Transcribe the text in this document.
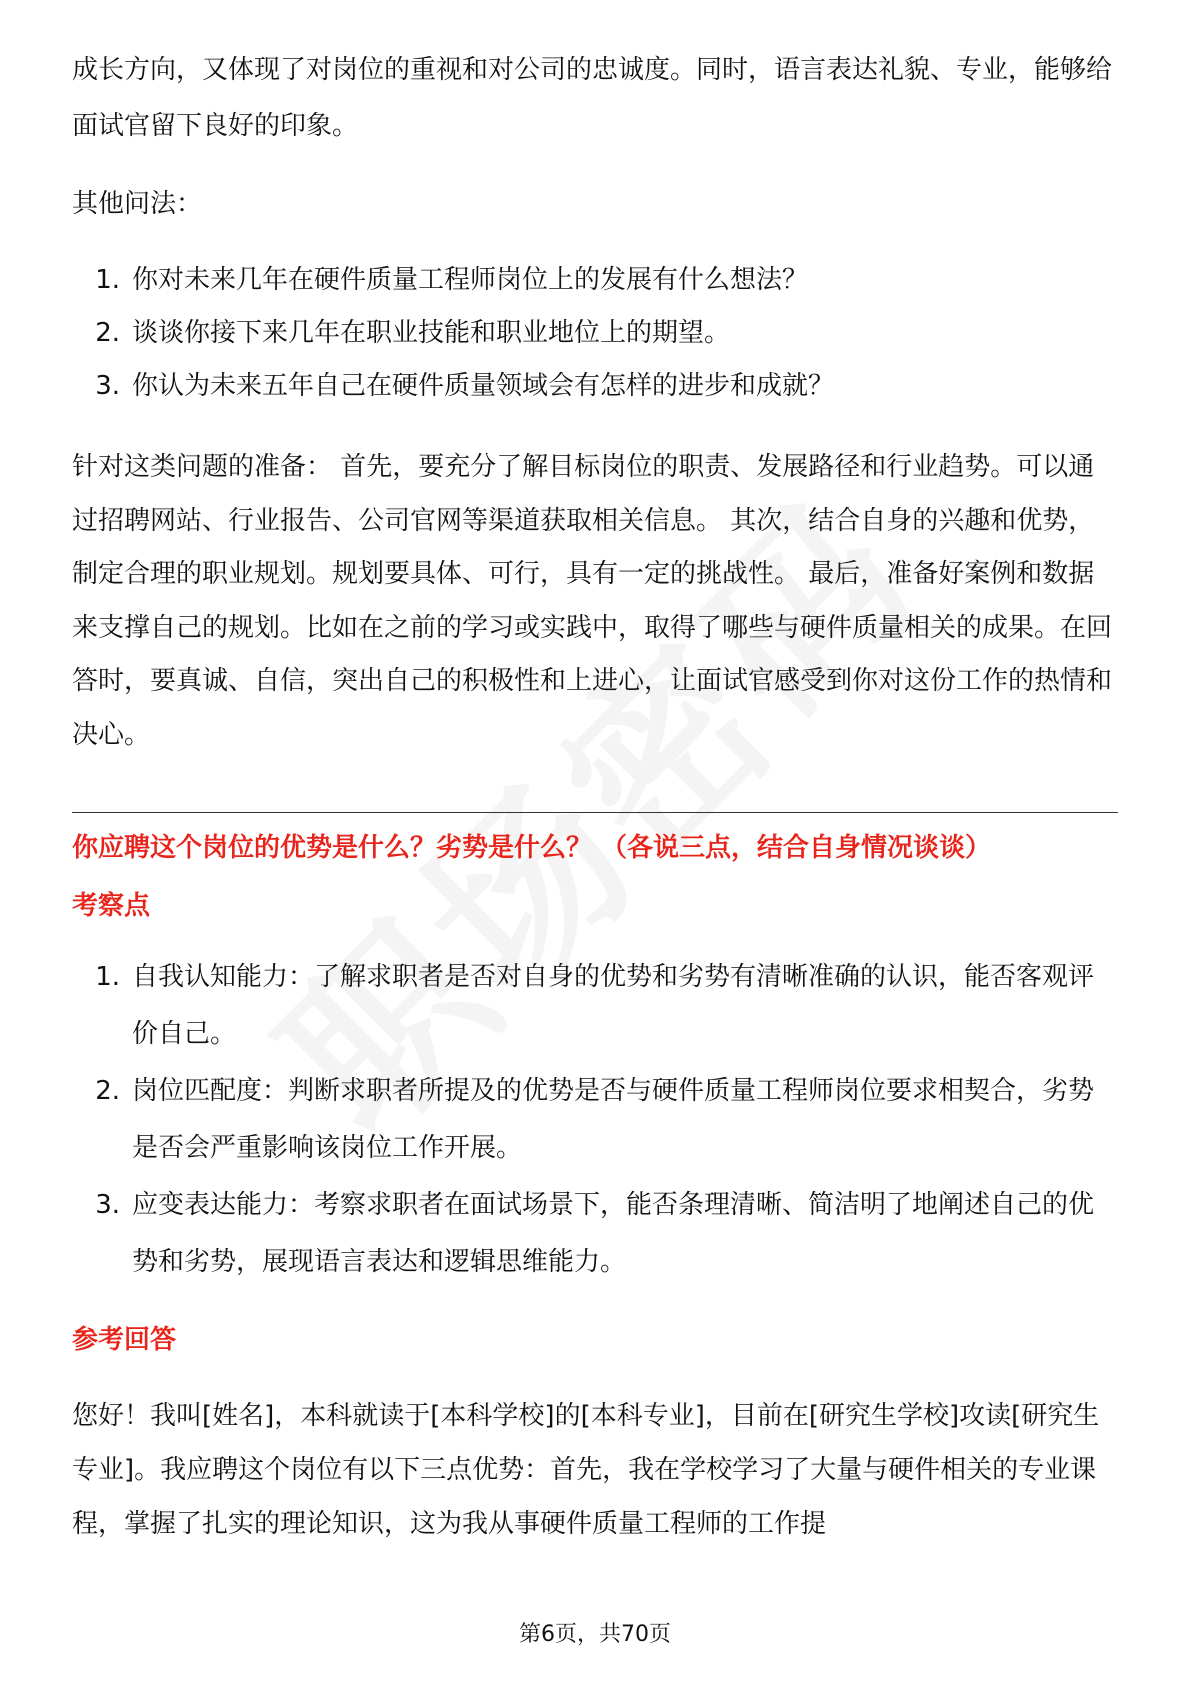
成长方向，又体现了对岗位的重视和对公司的忠诚度。同时，语言表达礼貌、专业，能够给面试官留下良好的印象。

其他问法：

1. 你对未来几年在硬件质量工程师岗位上的发展有什么想法？
2. 谈谈你接下来几年在职业技能和职业地位上的期望。
3. 你认为未来五年自己在硬件质量领域会有怎样的进步和成就？

针对这类问题的准备： 首先，要充分了解目标岗位的职责、发展路径和行业趋势。可以通过招聘网站、行业报告、公司官网等渠道获取相关信息。 其次，结合自身的兴趣和优势，制定合理的职业规划。规划要具体、可行，具有一定的挑战性。 最后，准备好案例和数据来支撑自己的规划。比如在之前的学习或实践中，取得了哪些与硬件质量相关的成果。在回答时，要真诚、自信，突出自己的积极性和上进心，让面试官感受到你对这份工作的热情和决心。

你应聘这个岗位的优势是什么？劣势是什么？ （各说三点，结合自身情况谈谈）
考察点
1. 自我认知能力：了解求职者是否对自身的优势和劣势有清晰准确的认识，能否客观评价自己。
2. 岗位匹配度：判断求职者所提及的优势是否与硬件质量工程师岗位要求相契合，劣势是否会严重影响该岗位工作开展。
3. 应变表达能力：考察求职者在面试场景下，能否条理清晰、简洁明了地阐述自己的优势和劣势，展现语言表达和逻辑思维能力。
参考回答

您好！我叫[姓名]，本科就读于[本科学校]的[本科专业]，目前在[研究生学校]攻读[研究生专业]。我应聘这个岗位有以下三点优势：首先，我在学校学习了大量与硬件相关的专业课程，掌握了扎实的理论知识，这为我从事硬件质量工程师的工作提

第6页，共70页
